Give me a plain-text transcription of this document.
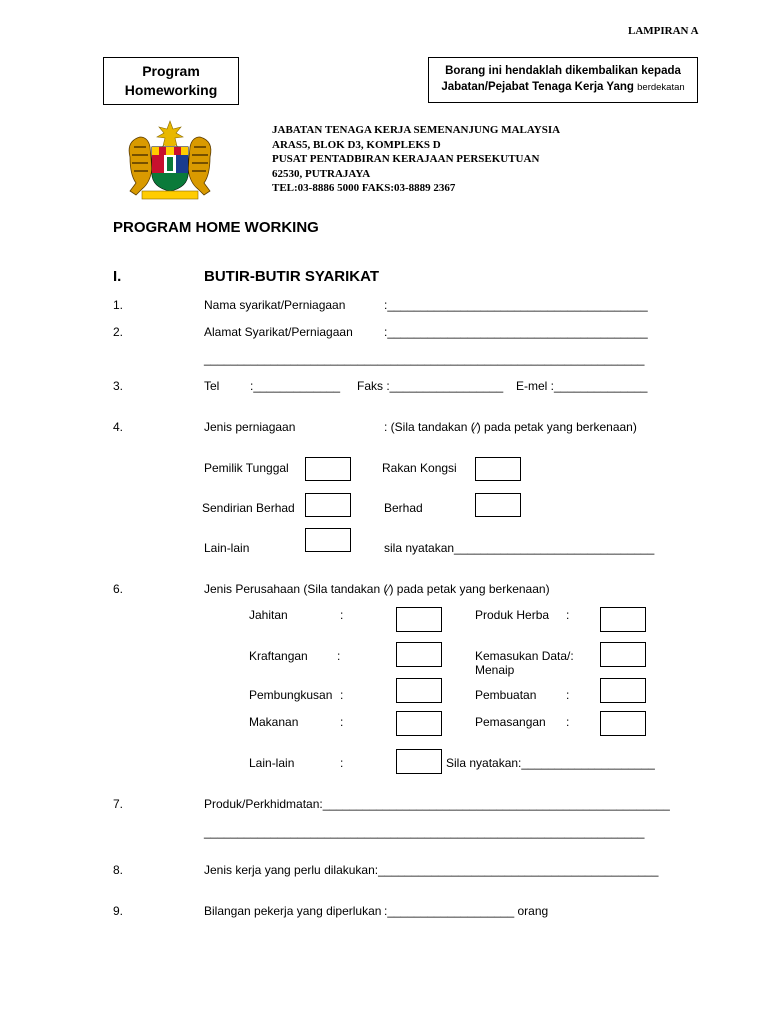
LAMPIRAN A
Program
Homeworking
Borang ini hendaklah dikembalikan kepada
Jabatan/Pejabat Tenaga Kerja Yang berdekatan
JABATAN TENAGA KERJA SEMENANJUNG MALAYSIA
ARAS5, BLOK D3, KOMPLEKS D
PUSAT PENTADBIRAN KERAJAAN PERSEKUTUAN
62530, PUTRAJAYA
TEL:03-8886 5000 FAKS:03-8889 2367
PROGRAM HOME WORKING
I.	BUTIR-BUTIR SYARIKAT
1.	Nama syarikat/Perniagaan	:_______________________________________
2.	Alamat Syarikat/Perniagaan	:_______________________________________
__________________________________________________________________
3.	Tel	:_____________ Faks :_________________ E-mel :______________
4.	Jenis perniagaan	: (Sila tandakan (⁄) pada petak yang berkenaan)
Pemilik Tunggal	Rakan Kongsi
Sendirian Berhad	Berhad
Lain-lain	sila nyatakan______________________________
6.	Jenis Perusahaan (Sila tandakan (⁄) pada petak yang berkenaan)
Jahitan	:	Produk Herba :
Kraftangan :	Kemasukan Data/:
Menaip
Pembungkusan :	Pembuatan :
Makanan	:	Pemasangan :
Lain-lain	:	Sila nyatakan:____________________
7.	Produk/Perkhidmatan:____________________________________________________
__________________________________________________________________
8.	Jenis kerja yang perlu dilakukan:__________________________________________
9.	Bilangan pekerja yang diperlukan :___________________ orang
